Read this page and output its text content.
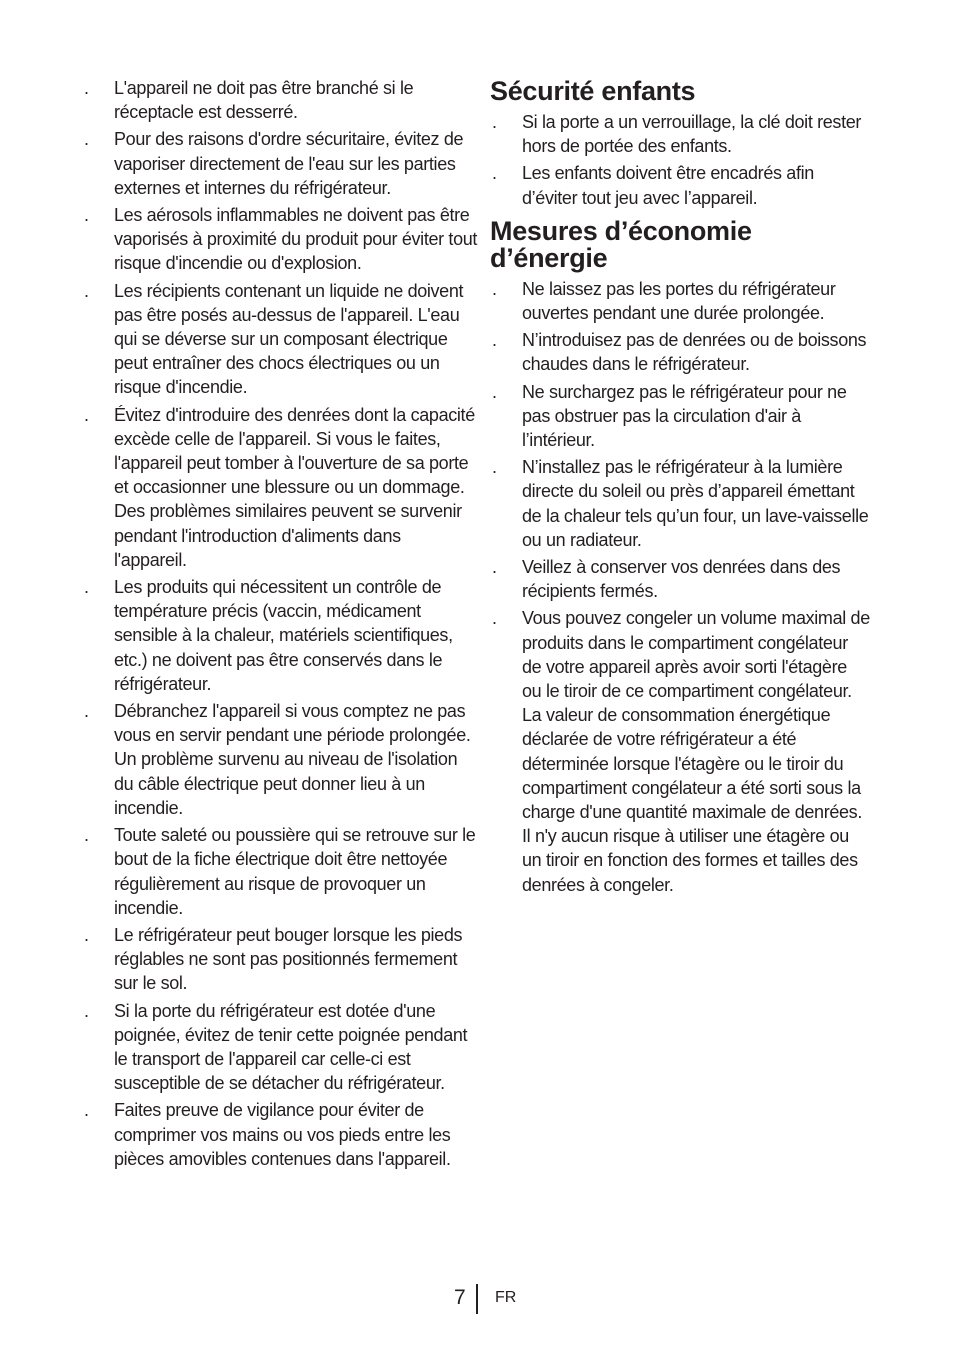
. L'appareil ne doit pas être branché si le réceptacle est desserré.
. Pour des raisons d'ordre sécuritaire, évitez de vaporiser directement de l'eau sur les parties externes et internes du réfrigérateur.
. Les aérosols inflammables ne doivent pas être vaporisés à proximité du produit pour éviter tout risque d'incendie ou d'explosion.
. Les récipients contenant un liquide ne doivent pas être posés au-dessus de l'appareil. L'eau qui se déverse sur un composant électrique peut entraîner des chocs électriques ou un risque d'incendie.
. Évitez d'introduire des denrées dont la capacité excède celle de l'appareil. Si vous le faites, l'appareil peut tomber à l'ouverture de sa porte et occasionner une blessure ou un dommage. Des problèmes similaires peuvent se survenir pendant l'introduction d'aliments dans l'appareil.
. Les produits qui nécessitent un contrôle de température précis (vaccin, médicament sensible à la chaleur, matériels scientifiques, etc.) ne doivent pas être conservés dans le réfrigérateur.
. Débranchez l'appareil si vous comptez ne pas vous en servir pendant une période prolongée. Un problème survenu au niveau de l'isolation du câble électrique peut donner lieu à un incendie.
. Toute saleté ou poussière qui se retrouve sur le bout de la fiche électrique doit être nettoyée régulièrement au risque de provoquer un incendie.
. Le réfrigérateur peut bouger lorsque les pieds réglables ne sont pas positionnés fermement sur le sol.
. Si la porte du réfrigérateur est dotée d'une poignée, évitez de tenir cette poignée pendant le transport de l'appareil car celle-ci est susceptible de se détacher du réfrigérateur.
. Faites preuve de vigilance pour éviter de comprimer vos mains ou vos pieds entre les pièces amovibles contenues dans l'appareil.
Sécurité enfants
. Si la porte a un verrouillage, la clé doit rester hors de portée des enfants.
. Les enfants doivent être encadrés afin d’éviter tout jeu avec l’appareil.
Mesures d’économie d’énergie
. Ne laissez pas les portes du réfrigérateur ouvertes pendant une durée prolongée.
. N’introduisez pas de denrées ou de boissons chaudes dans le réfrigérateur.
. Ne surchargez pas le réfrigérateur pour ne pas obstruer pas la circulation d'air à l’intérieur.
. N’installez pas le réfrigérateur à la lumière directe du soleil ou près d’appareil émettant de la chaleur tels qu’un four, un lave-vaisselle ou un radiateur.
. Veillez à conserver vos denrées dans des récipients fermés.
. Vous pouvez congeler un volume maximal de produits dans le compartiment congélateur de votre appareil après avoir sorti l'étagère ou le tiroir de ce compartiment congélateur. La valeur de consommation énergétique déclarée de votre réfrigérateur a été déterminée lorsque l'étagère ou le tiroir du compartiment congélateur a été sorti sous la charge d'une quantité maximale de denrées. Il n'y aucun risque à utiliser une étagère ou un tiroir en fonction des formes et tailles des denrées à congeler.
7 FR
